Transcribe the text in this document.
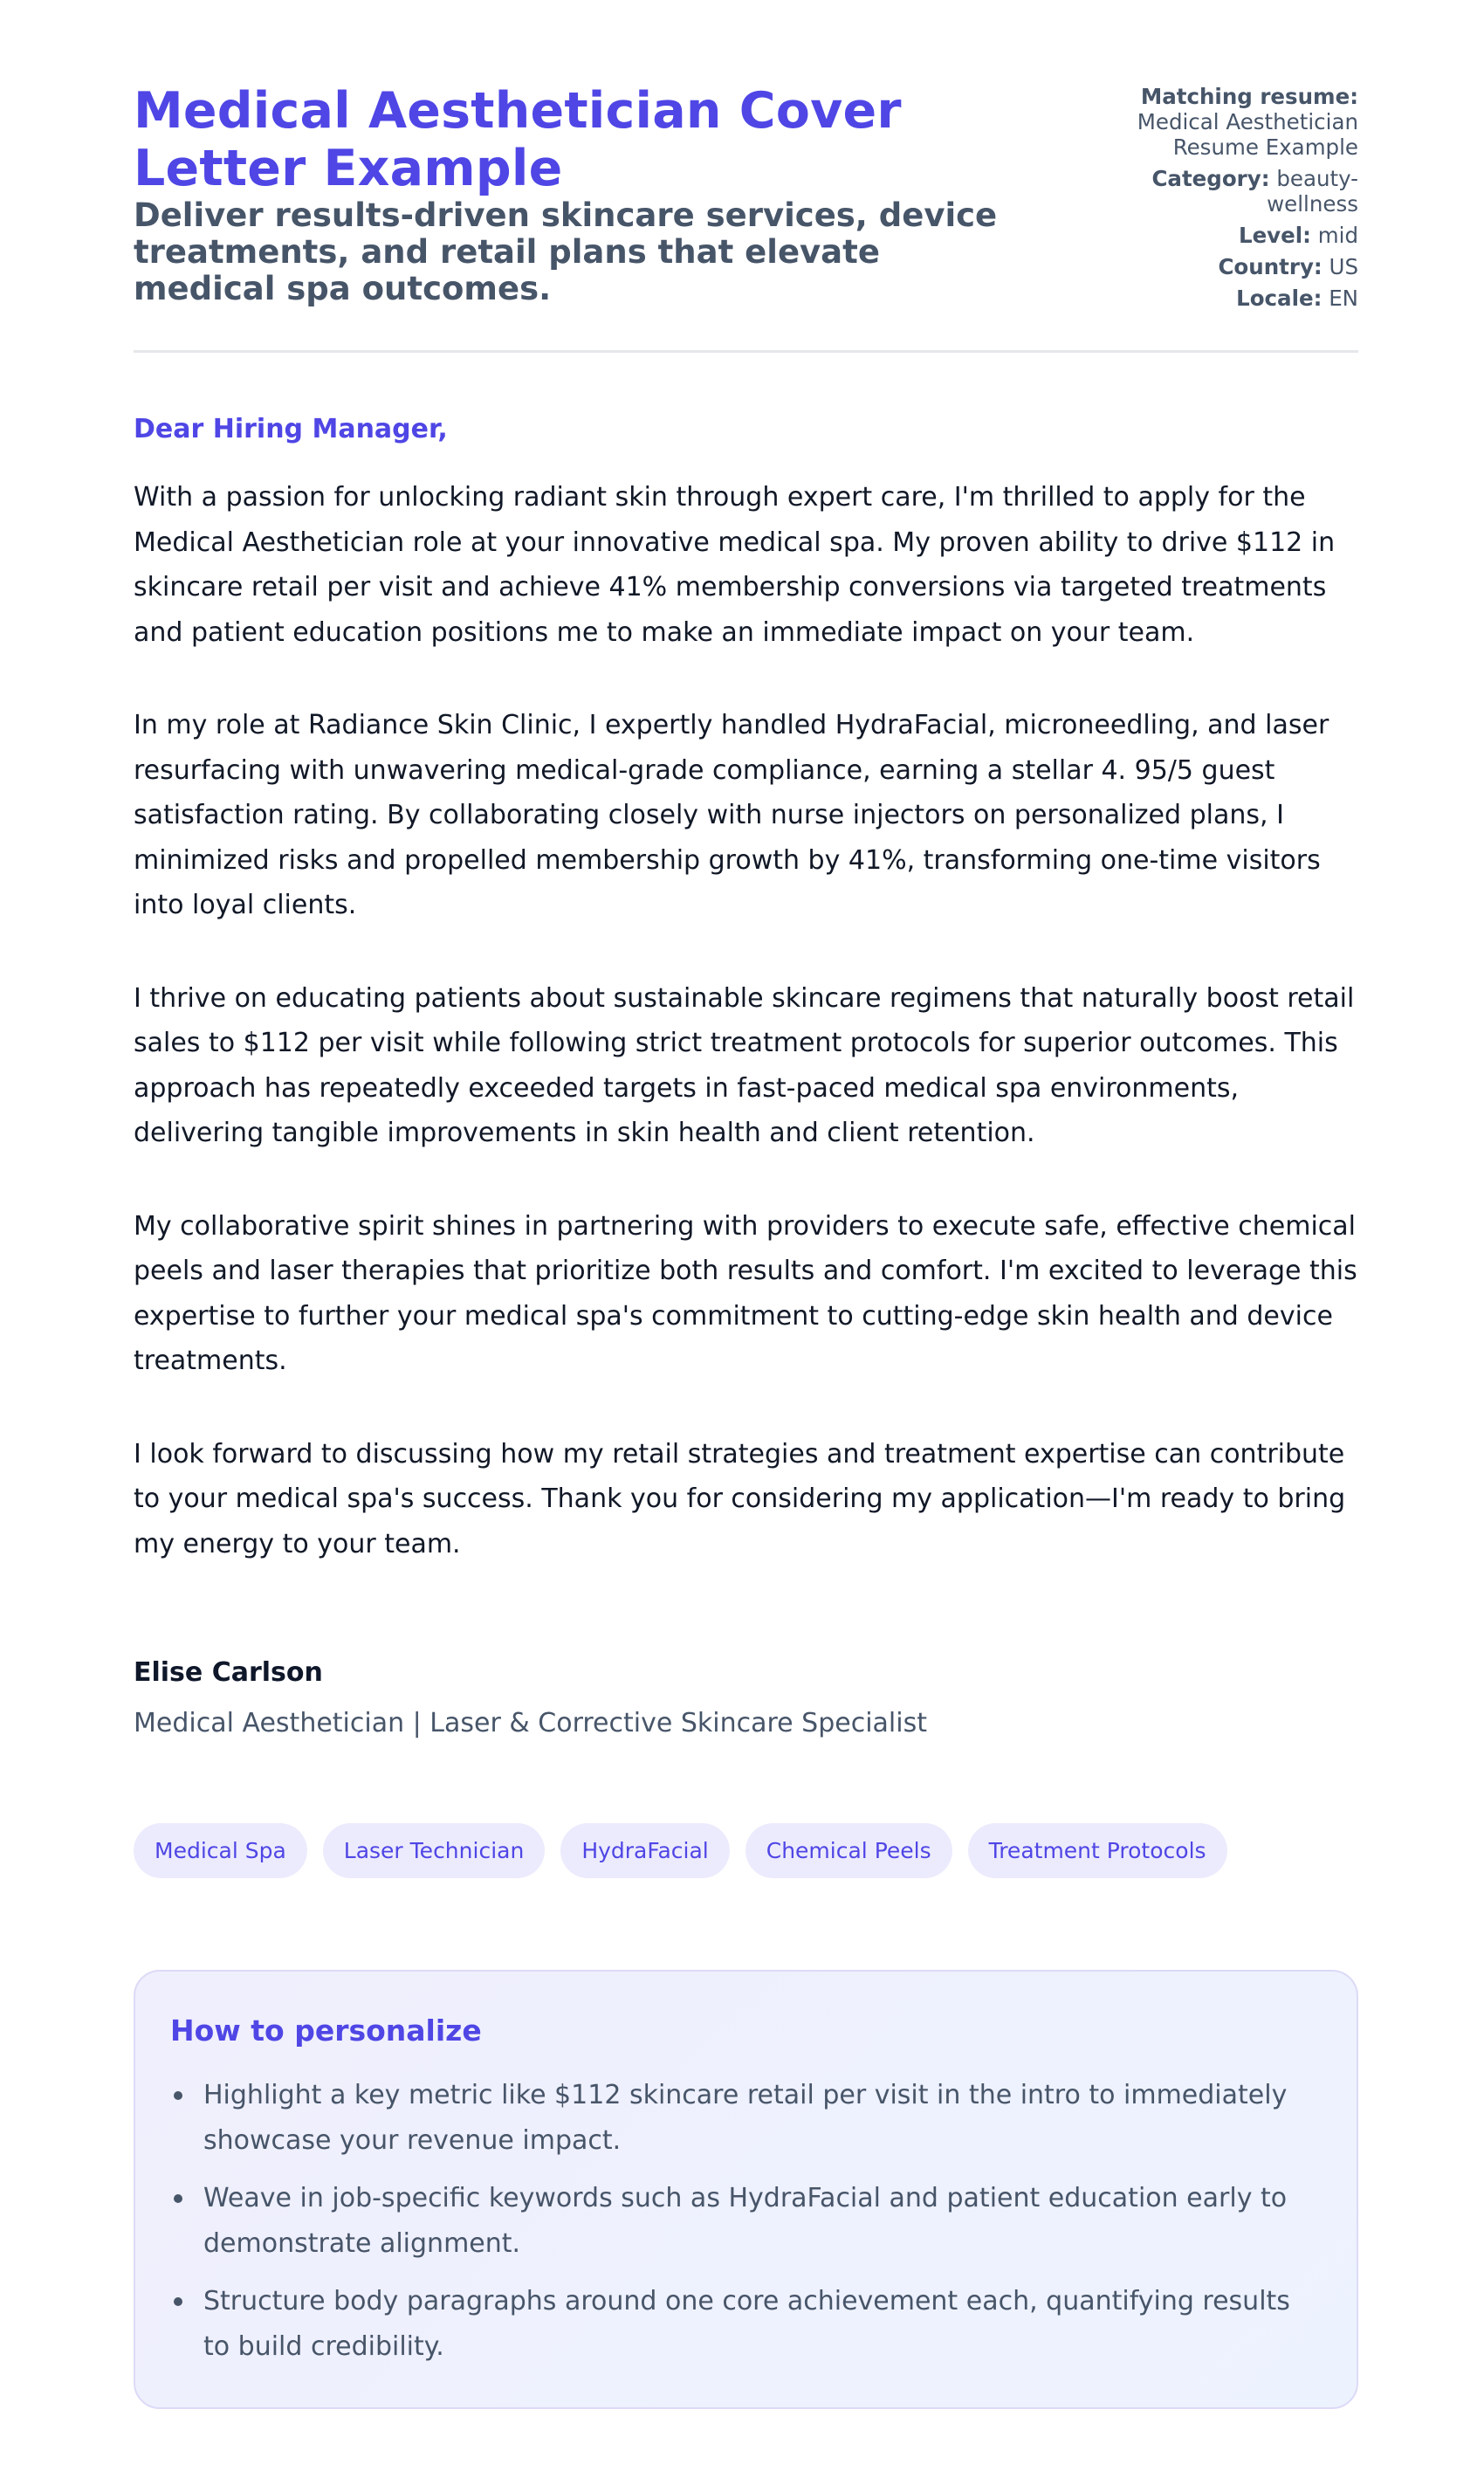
Medical Aesthetician Cover Letter Example

Deliver results-driven skincare services, device treatments, and retail plans that elevate medical spa outcomes.

Matching resume:
Medical Aesthetician Resume Example
Category: beauty-wellness
Level: mid
Country: US
Locale: EN

Dear Hiring Manager,

With a passion for unlocking radiant skin through expert care, I'm thrilled to apply for the Medical Aesthetician role at your innovative medical spa. My proven ability to drive $112 in skincare retail per visit and achieve 41% membership conversions via targeted treatments and patient education positions me to make an immediate impact on your team.

In my role at Radiance Skin Clinic, I expertly handled HydraFacial, microneedling, and laser resurfacing with unwavering medical-grade compliance, earning a stellar 4. 95/5 guest satisfaction rating. By collaborating closely with nurse injectors on personalized plans, I minimized risks and propelled membership growth by 41%, transforming one-time visitors into loyal clients.

I thrive on educating patients about sustainable skincare regimens that naturally boost retail sales to $112 per visit while following strict treatment protocols for superior outcomes. This approach has repeatedly exceeded targets in fast-paced medical spa environments, delivering tangible improvements in skin health and client retention.

My collaborative spirit shines in partnering with providers to execute safe, effective chemical peels and laser therapies that prioritize both results and comfort. I'm excited to leverage this expertise to further your medical spa's commitment to cutting-edge skin health and device treatments.

I look forward to discussing how my retail strategies and treatment expertise can contribute to your medical spa's success. Thank you for considering my application—I'm ready to bring my energy to your team.

Elise Carlson

Medical Aesthetician | Laser & Corrective Skincare Specialist

Medical Spa	Laser Technician	HydraFacial	Chemical Peels	Treatment Protocols
How to personalize
Highlight a key metric like $112 skincare retail per visit in the intro to immediately showcase your revenue impact.
Weave in job-specific keywords such as HydraFacial and patient education early to demonstrate alignment.
Structure body paragraphs around one core achievement each, quantifying results to build credibility.
